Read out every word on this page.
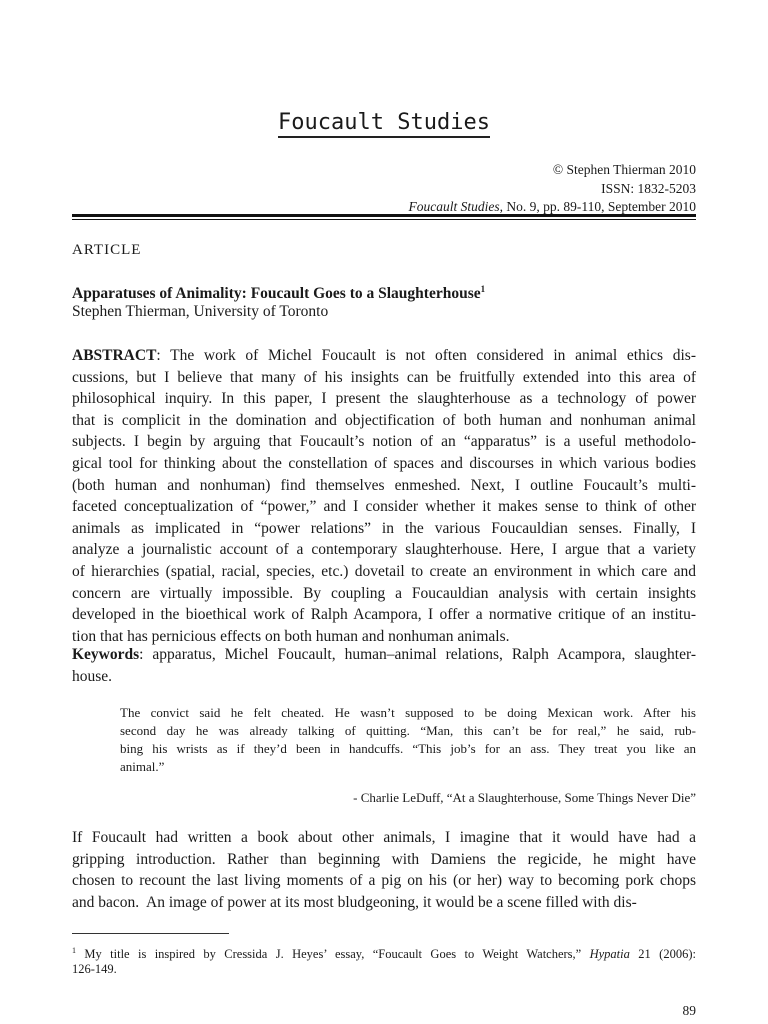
Foucault Studies
© Stephen Thierman 2010
ISSN: 1832-5203
Foucault Studies, No. 9, pp. 89-110, September 2010
ARTICLE
Apparatuses of Animality: Foucault Goes to a Slaughterhouse$^1$
Stephen Thierman, University of Toronto
ABSTRACT: The work of Michel Foucault is not often considered in animal ethics dis-
cussions, but I believe that many of his insights can be fruitfully extended into this area of
philosophical inquiry. In this paper, I present the slaughterhouse as a technology of power
that is complicit in the domination and objectification of both human and nonhuman animal
subjects. I begin by arguing that Foucault’s notion of an “apparatus” is a useful methodolo-
gical tool for thinking about the constellation of spaces and discourses in which various bodies
(both human and nonhuman) find themselves enmeshed. Next, I outline Foucault’s multi-
faceted conceptualization of “power,” and I consider whether it makes sense to think of other
animals as implicated in “power relations” in the various Foucauldian senses. Finally, I
analyze a journalistic account of a contemporary slaughterhouse. Here, I argue that a variety
of hierarchies (spatial, racial, species, etc.) dovetail to create an environment in which care and
concern are virtually impossible. By coupling a Foucauldian analysis with certain insights
developed in the bioethical work of Ralph Acampora, I offer a normative critique of an institu-
tion that has pernicious effects on both human and nonhuman animals.
Keywords: apparatus, Michel Foucault, human–animal relations, Ralph Acampora, slaughter-
house.
The convict said he felt cheated. He wasn’t supposed to be doing Mexican work. After his
second day he was already talking of quitting. “Man, this can’t be for real,” he said, rub-
bing his wrists as if they’d been in handcuffs. “This job’s for an ass. They treat you like an
animal.”
- Charlie LeDuff, “At a Slaughterhouse, Some Things Never Die”
If Foucault had written a book about other animals, I imagine that it would have had a
gripping introduction. Rather than beginning with Damiens the regicide, he might have
chosen to recount the last living moments of a pig on his (or her) way to becoming pork chops
and bacon.  An image of power at its most bludgeoning, it would be a scene filled with dis-
$^1$ My title is inspired by Cressida J. Heyes’ essay, “Foucault Goes to Weight Watchers,” Hypatia 21 (2006):
126-149.
89
